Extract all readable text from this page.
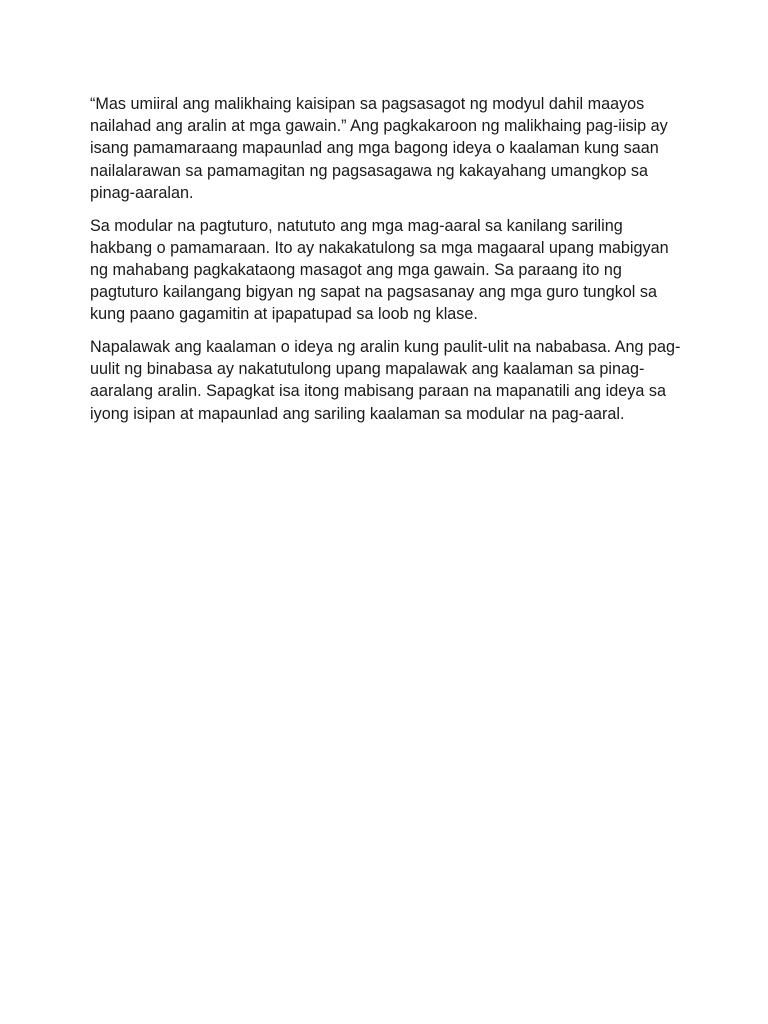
“Mas umiiral ang malikhaing kaisipan sa pagsasagot ng modyul dahil maayos
nailahad ang aralin at mga gawain.” Ang pagkakaroon ng malikhaing pag-iisip ay
isang pamamaraang mapaunlad ang mga bagong ideya o kaalaman kung saan
nailalarawan sa pamamagitan ng pagsasagawa ng kakayahang umangkop sa
pinag-aaralan.

Sa modular na pagtuturo, natututo ang mga mag-aaral sa kanilang sariling
hakbang o pamamaraan. Ito ay nakakatulong sa mga magaaral upang mabigyan
ng mahabang pagkakataong masagot ang mga gawain. Sa paraang ito ng
pagtuturo kailangang bigyan ng sapat na pagsasanay ang mga guro tungkol sa
kung paano gagamitin at ipapatupad sa loob ng klase.

Napalawak ang kaalaman o ideya ng aralin kung paulit-ulit na nababasa. Ang pag-
uulit ng binabasa ay nakatutulong upang mapalawak ang kaalaman sa pinag-
aaralang aralin. Sapagkat isa itong mabisang paraan na mapanatili ang ideya sa
iyong isipan at mapaunlad ang sariling kaalaman sa modular na pag-aaral.
